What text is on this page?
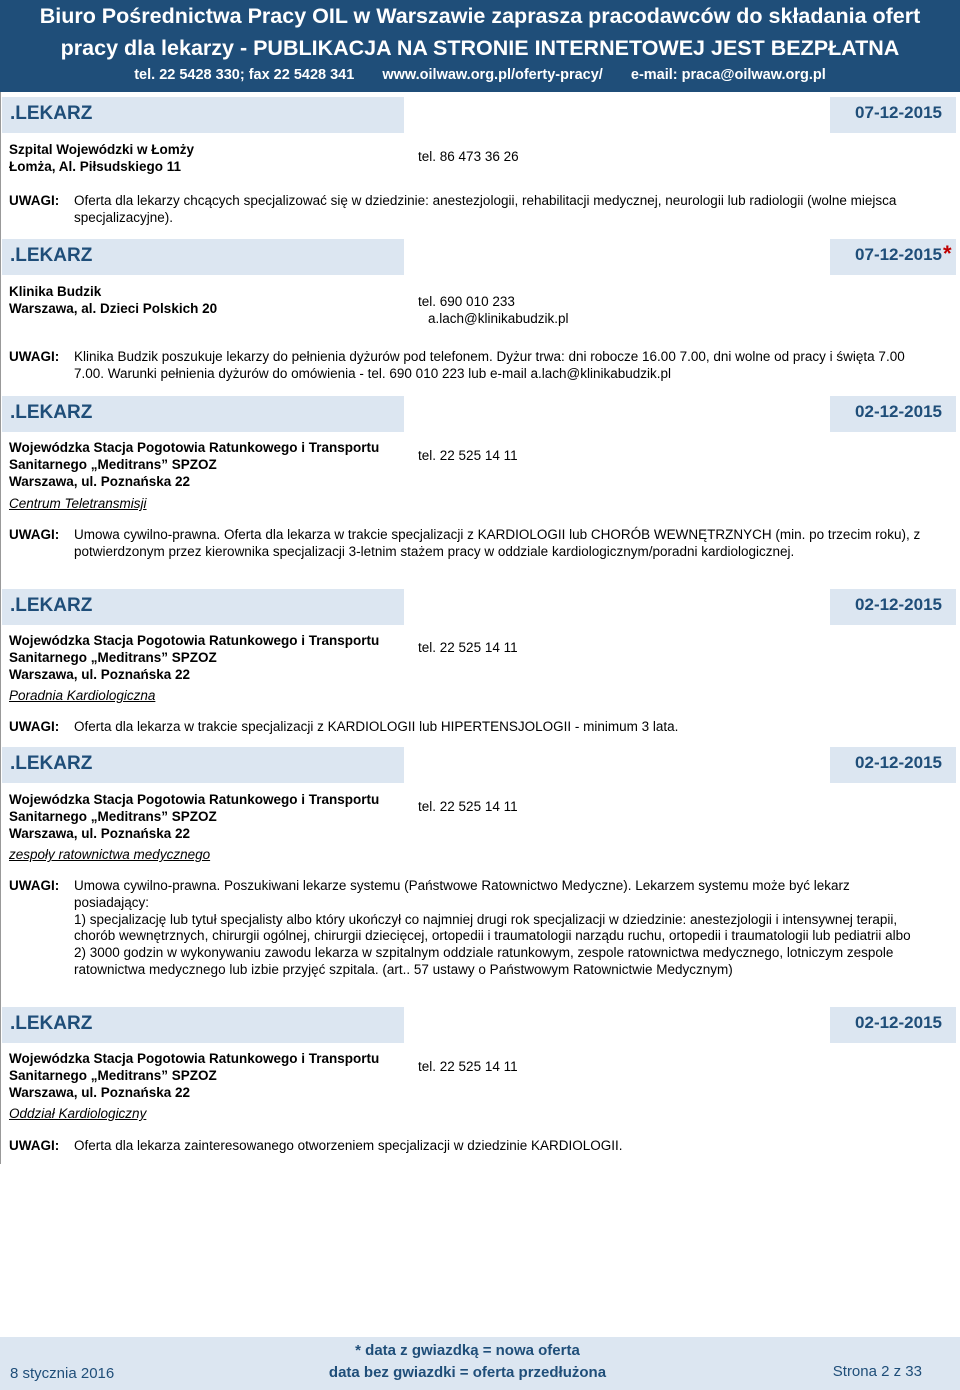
Biuro Pośrednictwa Pracy OIL w Warszawie zaprasza pracodawców do składania ofert
pracy dla lekarzy - PUBLIKACJA NA STRONIE INTERNETOWEJ JEST BEZPŁATNA
tel. 22 5428 330; fax 22 5428 341 www.oilwaw.org.pl/oferty-pracy/ e-mail: praca@oilwaw.org.pl
.LEKARZ	07-12-2015
Szpital Wojewódzki w Łomży
Łomża, Al. Piłsudskiego 11
tel. 86 473 36 26
UWAGI: Oferta dla lekarzy chcących specjalizować się w dziedzinie: anestezjologii, rehabilitacji medycznej, neurologii lub radiologii (wolne miejsca specjalizacyjne).
.LEKARZ	07-12-2015 *
Klinika Budzik
Warszawa, al. Dzieci Polskich 20	tel. 690 010 233
a.lach@klinikabudzik.pl
UWAGI: Klinika Budzik poszukuje lekarzy do pełnienia dyżurów pod telefonem. Dyżur trwa: dni robocze 16.00 7.00, dni wolne od pracy i święta 7.00 7.00. Warunki pełnienia dyżurów do omówienia - tel. 690 010 223 lub e-mail a.lach@klinikabudzik.pl
.LEKARZ	02-12-2015
Wojewódzka Stacja Pogotowia Ratunkowego i Transportu
Sanitarnego „Meditrans” SPZOZ
Warszawa, ul. Poznańska 22
Centrum Teletransmisji
tel. 22 525 14 11
UWAGI: Umowa cywilno-prawna. Oferta dla lekarza w trakcie specjalizacji z KARDIOLOGII lub CHORÓB WEWNĘTRZNYCH (min. po trzecim roku), z potwierdzonym przez kierownika specjalizacji 3-letnim stażem pracy w oddziale kardiologicznym/poradni kardiologicznej.
.LEKARZ	02-12-2015
Wojewódzka Stacja Pogotowia Ratunkowego i Transportu
Sanitarnego „Meditrans” SPZOZ
Warszawa, ul. Poznańska 22
Poradnia Kardiologiczna
tel. 22 525 14 11
UWAGI: Oferta dla lekarza w trakcie specjalizacji z KARDIOLOGII lub HIPERTENSJOLOGII - minimum 3 lata.
.LEKARZ	02-12-2015
Wojewódzka Stacja Pogotowia Ratunkowego i Transportu
Sanitarnego „Meditrans” SPZOZ
Warszawa, ul. Poznańska 22
zespoły ratownictwa medycznego
tel. 22 525 14 11
UWAGI: Umowa cywilno-prawna. Poszukiwani lekarze systemu (Państwowe Ratownictwo Medyczne). Lekarzem systemu może być lekarz posiadający:
1) specjalizację lub tytuł specjalisty albo który ukończył co najmniej drugi rok specjalizacji w dziedzinie: anestezjologii i intensywnej terapii, chorób wewnętrznych, chirurgii ogólnej, chirurgii dziecięcej, ortopedii i traumatologii narządu ruchu, ortopedii i traumatologii lub pediatrii albo
2) 3000 godzin w wykonywaniu zawodu lekarza w szpitalnym oddziale ratunkowym, zespole ratownictwa medycznego, lotniczym zespole ratownictwa medycznego lub izbie przyjęć szpitala. (art.. 57 ustawy o Państwowym Ratownictwie Medycznym)
.LEKARZ	02-12-2015
Wojewódzka Stacja Pogotowia Ratunkowego i Transportu
Sanitarnego „Meditrans” SPZOZ
Warszawa, ul. Poznańska 22
Oddział Kardiologiczny
tel. 22 525 14 11
UWAGI: Oferta dla lekarza zainteresowanego otworzeniem specjalizacji w dziedzinie KARDIOLOGII.
8 stycznia 2016
* data z gwiazdką = nowa oferta
data bez gwiazdki = oferta przedłużona	Strona 2 z 33
